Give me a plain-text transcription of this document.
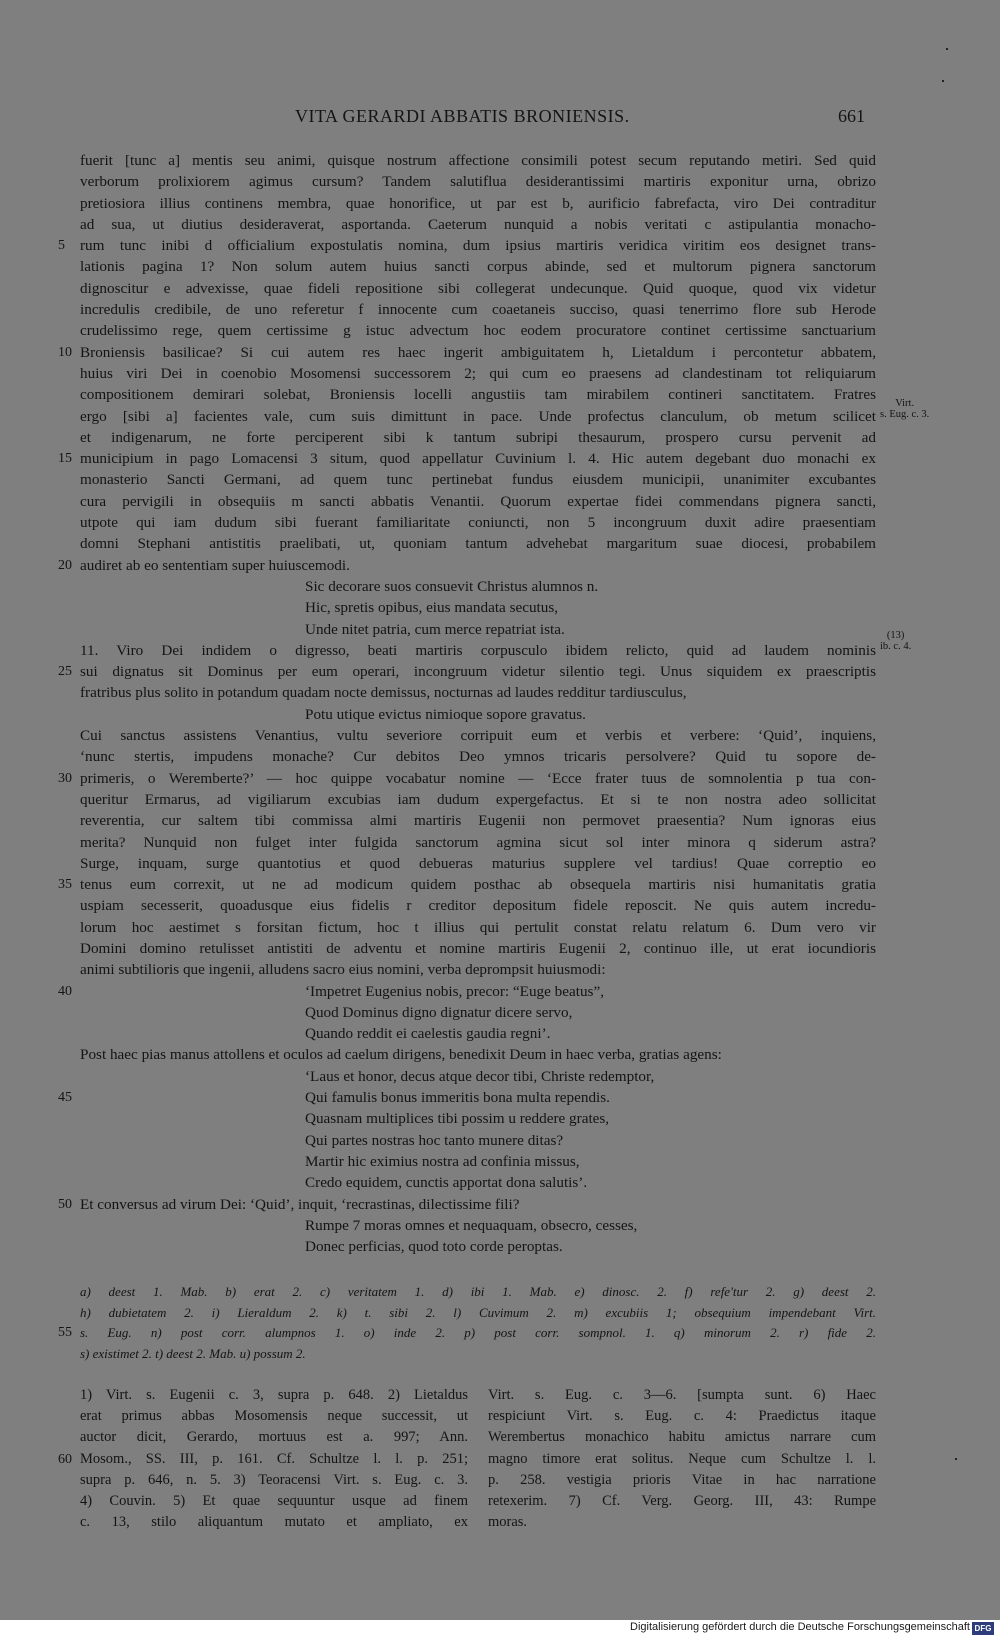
VITA GERARDI ABBATIS BRONIENSIS.	661
fuerit [tunc a] mentis seu animi, quisque nostrum affectione consimili potest secum reputando metiri. Sed quid
verborum prolixiorem agimus cursum? Tandem salutiflua desiderantissimi martiris exponitur urna, obrizo
pretiosiora illius continens membra, quae honorifice, ut par est b, aurificio fabrefacta, viro Dei contraditur
ad sua, ut diutius desideraverat, asportanda. Caeterum nunquid a nobis veritati c astipulantia monacho-
5 rum tunc inibi d officialium expostulatis nomina, dum ipsius martiris veridica viritim eos designet trans-
lationis pagina 1? Non solum autem huius sancti corpus abinde, sed et multorum pignera sanctorum
dignoscitur e advexisse, quae fideli repositione sibi collegerat undecunque. Quid quoque, quod vix videtur
incredulis credibile, de uno referetur f innocente cum coaetaneis succiso, quasi tenerrimo flore sub Herode
crudelissimo rege, quem certissime g istuc advectum hoc eodem procuratore continet certissime sanctuarium
10 Broniensis basilicae? Si cui autem res haec ingerit ambiguitatem h, Lietaldum i percontetur abbatem,
huius viri Dei in coenobio Mosomensi successorem 2; qui cum eo praesens ad clandestinam tot reliquiarum
compositionem demirari solebat, Broniensis locelli angustiis tam mirabilem contineri sanctitatem. Fratres
ergo [sibi a] facientes vale, cum suis dimittunt in pace. Unde profectus clanculum, ob metum scilicet
et indigenarum, ne forte perciperent sibi k tantum subripi thesaurum, prospero cursu pervenit ad
15 municipium in pago Lomacensi 3 situm, quod appellatur Cuvinium l. 4. Hic autem degebant duo monachi ex
monasterio Sancti Germani, ad quem tunc pertinebat fundus eiusdem municipii, unanimiter excubantes
cura pervigili in obsequiis m sancti abbatis Venantii. Quorum expertae fidei commendans pignera sancti,
utpote qui iam dudum sibi fuerant familiaritate coniuncti, non 5 incongruum duxit adire praesentiam
domni Stephani antistitis praelibati, ut, quoniam tantum advehebat margaritum suae diocesi, probabilem
20 audiret ab eo sententiam super huiuscemodi.
Sic decorare suos consuevit Christus alumnos n.
Hic, spretis opibus, eius mandata secutus,
Unde nitet patria, cum merce repatriat ista.
11. Viro Dei indidem o digresso, beati martiris corpusculo ibidem relicto, quid ad laudem nominis
25 sui dignatus sit Dominus per eum operari, incongruum videtur silentio tegi. Unus siquidem ex praescriptis
fratribus plus solito in potandum quadam nocte demissus, nocturnas ad laudes redditur tardiusculus,
Potu utique evictus nimioque sopore gravatus.
Cui sanctus assistens Venantius, vultu severiore corripuit eum et verbis et verbere: ‘Quid’, inquiens,
‘nunc stertis, impudens monache? Cur debitos Deo ymnos tricaris persolvere? Quid tu sopore de-
30 primeris, o Weremberte?’ — hoc quippe vocabatur nomine — ‘Ecce frater tuus de somnolentia p tua con-
queritur Ermarus, ad vigiliarum excubias iam dudum expergefactus. Et si te non nostra adeo sollicitat
reverentia, cur saltem tibi commissa almi martiris Eugenii non permovet praesentia? Num ignoras eius
merita? Nunquid non fulget inter fulgida sanctorum agmina sicut sol inter minora q siderum astra?
Surge, inquam, surge quantotius et quod debueras maturius supplere vel tardius! Quae correptio eo
35 tenus eum correxit, ut ne ad modicum quidem posthac ab obsequela martiris nisi humanitatis gratia
uspiam secesserit, quoadusque eius fidelis r creditor depositum fidele reposcit. Ne quis autem incredu-
lorum hoc aestimet s forsitan fictum, hoc t illius qui pertulit constat relatu relatum 6. Dum vero vir
Domini domino retulisset antistiti de adventu et nomine martiris Eugenii 2, continuo ille, ut erat iocundioris
animi subtilioris que ingenii, alludens sacro eius nomini, verba deprompsit huiusmodi:
40	‘Impetret Eugenius nobis, precor: “Euge beatus”,
Quod Dominus digno dignatur dicere servo,
Quando reddit ei caelestis gaudia regni’.
Post haec pias manus attollens et oculos ad caelum dirigens, benedixit Deum in haec verba, gratias agens:
‘Laus et honor, decus atque decor tibi, Christe redemptor,
45	Qui famulis bonus immeritis bona multa rependis.
Quasnam multiplices tibi possim u reddere grates,
Qui partes nostras hoc tanto munere ditas?
Martir hic eximius nostra ad confinia missus,
Credo equidem, cunctis apportat dona salutis’.
50 Et conversus ad virum Dei: ‘Quid’, inquit, ‘recrastinas, dilectissime fili?
Rumpe 7 moras omnes et nequaquam, obsecro, cesses,
Donec perficias, quod toto corde peroptas.
Virt.
s. Eug. c. 3.
(13)
ib. c. 4.
a) deest 1. Mab. b) erat 2. c) veritatem 1. d) ibi 1. Mab. e) dinosc. 2. f) refe'tur 2. g) deest 2.
h) dubietatem 2. i) Lieraldum 2. k) t. sibi 2. l) Cuvimum 2. m) excubiis 1; obsequium impendebant Virt.
55 s. Eug. n) post corr. alumpnos 1. o) inde 2. p) post corr. sompnol. 1. q) minorum 2. r) fide 2.
s) existimet 2. t) deest 2. Mab. u) possum 2.
1) Virt. s. Eugenii c. 3, supra p. 648. 2) Lietaldus Virt. s. Eug. c. 3—6. [sumpta sunt. 6) Haec
erat primus abbas Mosomensis neque successit, ut respiciunt Virt. s. Eug. c. 4: Praedictus itaque
auctor dicit, Gerardo, mortuus est a. 997; Ann. Werembertus monachico habitu amictus narrare cum
60 Mosom., SS. III, p. 161. Cf. Schultze l. l. p. 251; magno timore erat solitus. Neque cum Schultze l. l.
supra p. 646, n. 5. 3) Teoracensi Virt. s. Eug. c. 3. p. 258. vestigia prioris Vitae in hac narratione
4) Couvin. 5) Et quae sequuntur usque ad finem retexerim. 7) Cf. Verg. Georg. III, 43: Rumpe
c. 13, stilo aliquantum mutato et ampliato, ex moras.
Digitalisierung gefördert durch die Deutsche Forschungsgemeinschaft DFG
